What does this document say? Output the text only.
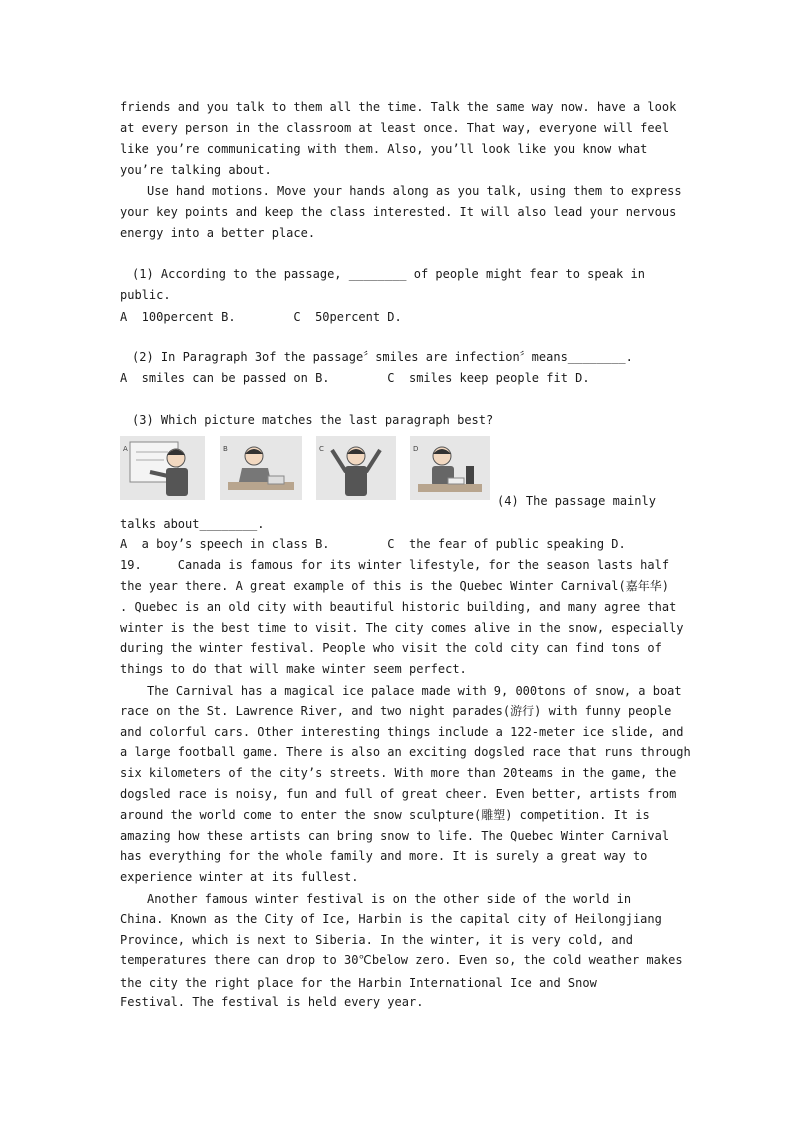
friends and you talk to them all the time. Talk the same way now. have a look
at every person in the classroom at least once. That way, everyone will feel
like you’re communicating with them. Also, you’ll look like you know what
you’re talking about.
Use hand motions. Move your hands along as you talk, using them to express
your key points and keep the class interested. It will also lead your nervous
energy into a better place.
(1) According to the passage, ________ of people might fear to speak in
public.
A  100percent B.        C  50percent D.
(2) In Paragraph 3of the passage〞smiles are infection〞means________.
A  smiles can be passed on B.        C  smiles keep people fit D.
(3) Which picture matches the last paragraph best?
A	B	C	D
(4) The passage mainly
talks about________.
A  a boy’s speech in class B.        C  the fear of public speaking D.
19.     Canada is famous for its winter lifestyle, for the season lasts half
the year there. A great example of this is the Quebec Winter Carnival(嘉年华)
. Quebec is an old city with beautiful historic building, and many agree that
winter is the best time to visit. The city comes alive in the snow, especially
during the winter festival. People who visit the cold city can find tons of
things to do that will make winter seem perfect.
The Carnival has a magical ice palace made with 9, 000tons of snow, a boat
race on the St. Lawrence River, and two night parades(游行) with funny people
and colorful cars. Other interesting things include a 122-meter ice slide, and
a large football game. There is also an exciting dogsled race that runs through
six kilometers of the city’s streets. With more than 20teams in the game, the
dogsled race is noisy, fun and full of great cheer. Even better, artists from
around the world come to enter the snow sculpture(雕塑) competition. It is
amazing how these artists can bring snow to life. The Quebec Winter Carnival
has everything for the whole family and more. It is surely a great way to
experience winter at its fullest.
Another famous winter festival is on the other side of the world in
China. Known as the City of Ice, Harbin is the capital city of Heilongjiang
Province, which is next to Siberia. In the winter, it is very cold, and
temperatures there can drop to 30℃below zero. Even so, the cold weather makes
the city the right place for the Harbin International Ice and Snow
Festival. The festival is held every year.
